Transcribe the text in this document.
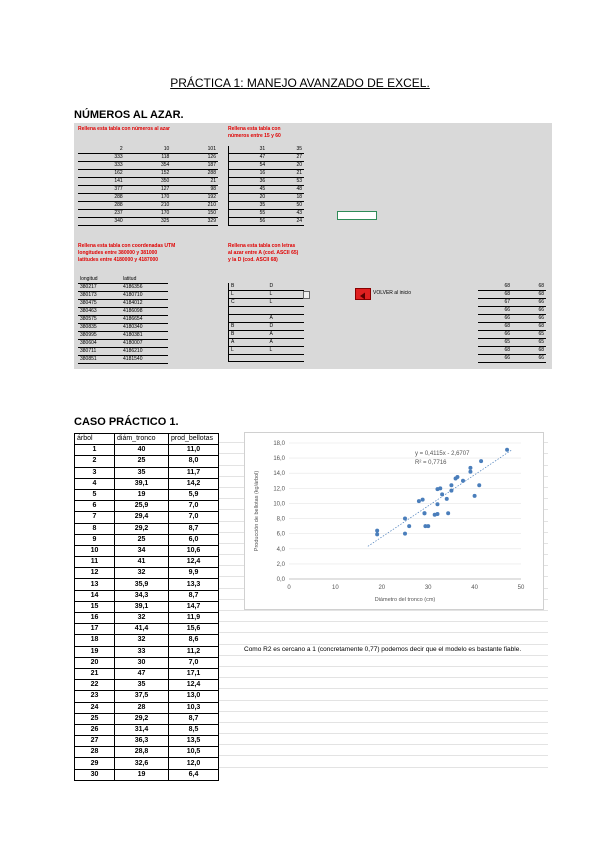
PRÁCTICA 1: MANEJO AVANZADO DE EXCEL.
NÚMEROS AL AZAR.
Rellena esta tabla con números al azar	Rellena esta tabla con
números entre 15 y 60
Rellena esta tabla con coordenadas UTM
longitudes entre 380000 y 381000
latitudes entre 4180000 y 4187000
Rellena esta tabla con letras
al azar entre A (cod. ASCII 65)
y la D (cod. ASCII 68)
2	10	101
333	118	126
333	354	187
162	152	288
141	350	21
377	127	98
288	170	192
288	210	210
237	170	150
340	325	329
31	35
47	27
54	20
16	21
36	53
45	48
20	18
35	50
55	43
56	24
longitud	latitud
380217	4186356
380173	4180710
380475	4184012
380463	4186098
380575	4186654
380835	4180340
380995	4180381
380604	4180007
380711	4186210
380851	4181540
B	D
L	L
C	L

	A
B	D
B	A
A	A
L	L

VOLVER al inicio
68	68
68	68
67	66
66	66
66	66
68	68
66	65
65	65
68	68
66	66
CASO PRÁCTICO 1.
árbol	diám_tronco	prod_bellotas
1	40	11,0
2	25	8,0
3	35	11,7
4	39,1	14,2
5	19	5,9
6	25,9	7,0
7	29,4	7,0
8	29,2	8,7
9	25	6,0
10	34	10,6
11	41	12,4
12	32	9,9
13	35,9	13,3
14	34,3	8,7
15	39,1	14,7
16	32	11,9
17	41,4	15,6
18	32	8,6
19	33	11,2
20	30	7,0
21	47	17,1
22	35	12,4
23	37,5	13,0
24	28	10,3
25	29,2	8,7
26	31,4	8,5
27	36,3	13,5
28	28,8	10,5
29	32,6	12,0
30	19	6,4
0,0
2,0
4,0
6,0
8,0
10,0
12,0
14,0
16,0
18,0
0	10	20	30	40	50
Diámetro del tronco (cm)
Producción de bellotas (kg/árbol)
y = 0,4115x - 2,6707
R² = 0,7716
Como R2 es cercano a 1 (concretamente 0,77) podemos decir que el modelo es bastante fiable.
